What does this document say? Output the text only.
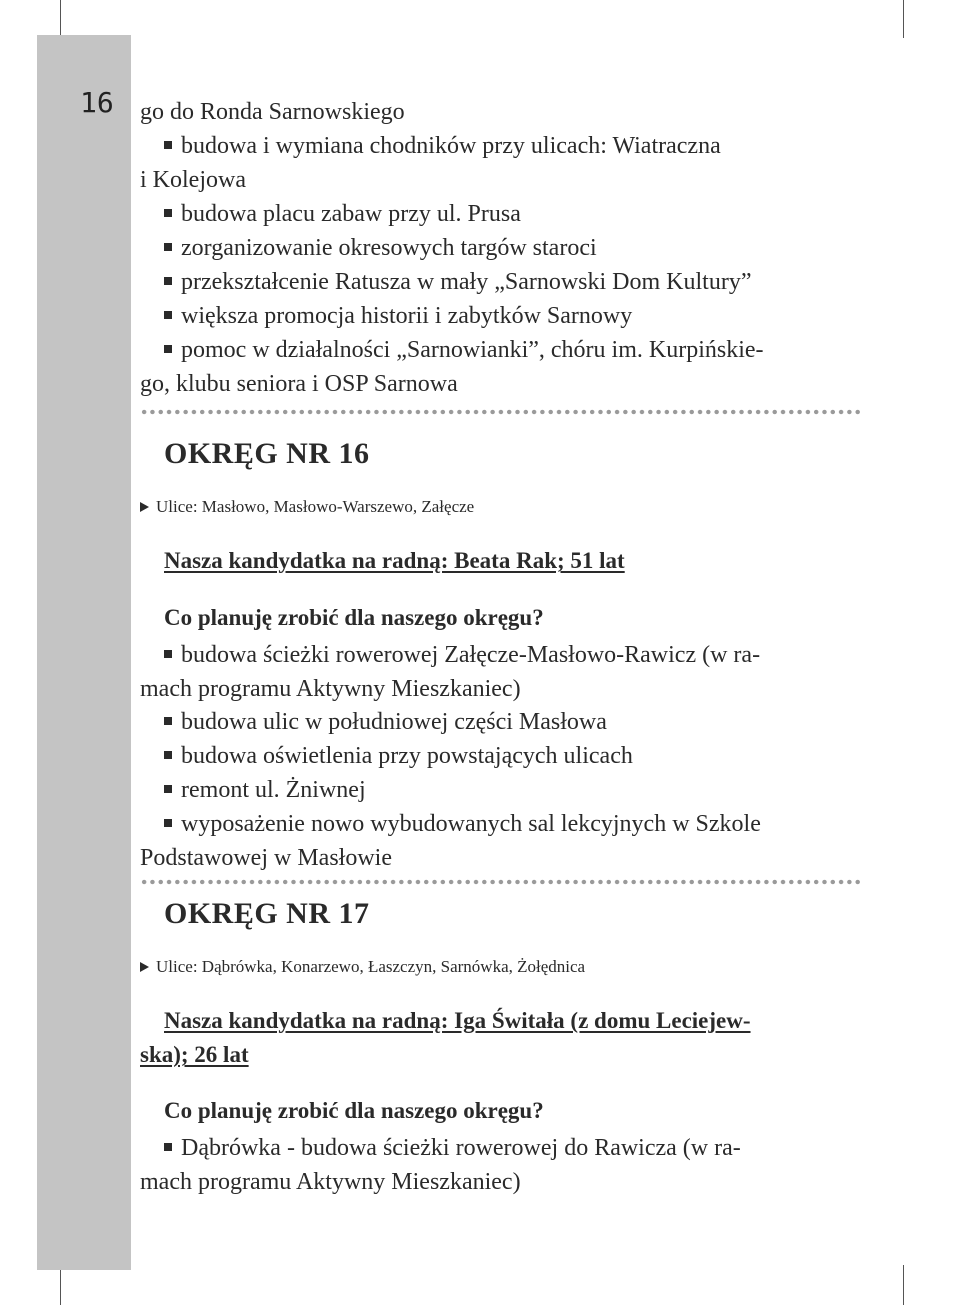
16 go do Ronda Sarnowskiego
budowa i wymiana chodników przy ulicach: Wiatraczna
i Kolejowa
budowa placu zabaw przy ul. Prusa
zorganizowanie okresowych targów staroci
przekształcenie Ratusza w mały „Sarnowski Dom Kultury”
większa promocja historii i zabytków Sarnowy
pomoc w działalności „Sarnowianki”, chóru im. Kurpińskie-
go, klubu seniora i OSP Sarnowa
OKRĘG NR 16
Ulice: Masłowo, Masłowo-Warszewo, Załęcze
Nasza kandydatka na radną: Beata Rak; 51 lat
Co planuję zrobić dla naszego okręgu?
budowa ścieżki rowerowej Załęcze-Masłowo-Rawicz (w ra-
mach programu Aktywny Mieszkaniec)
budowa ulic w południowej części Masłowa
budowa oświetlenia przy powstających ulicach
remont ul. Żniwnej
wyposażenie nowo wybudowanych sal lekcyjnych w Szkole
Podstawowej w Masłowie
OKRĘG NR 17
Ulice: Dąbrówka, Konarzewo, Łaszczyn, Sarnówka, Żołędnica
Nasza kandydatka na radną: Iga Świtała (z domu Leciejew-
ska); 26 lat
Co planuję zrobić dla naszego okręgu?
Dąbrówka - budowa ścieżki rowerowej do Rawicza (w ra-
mach programu Aktywny Mieszkaniec)
